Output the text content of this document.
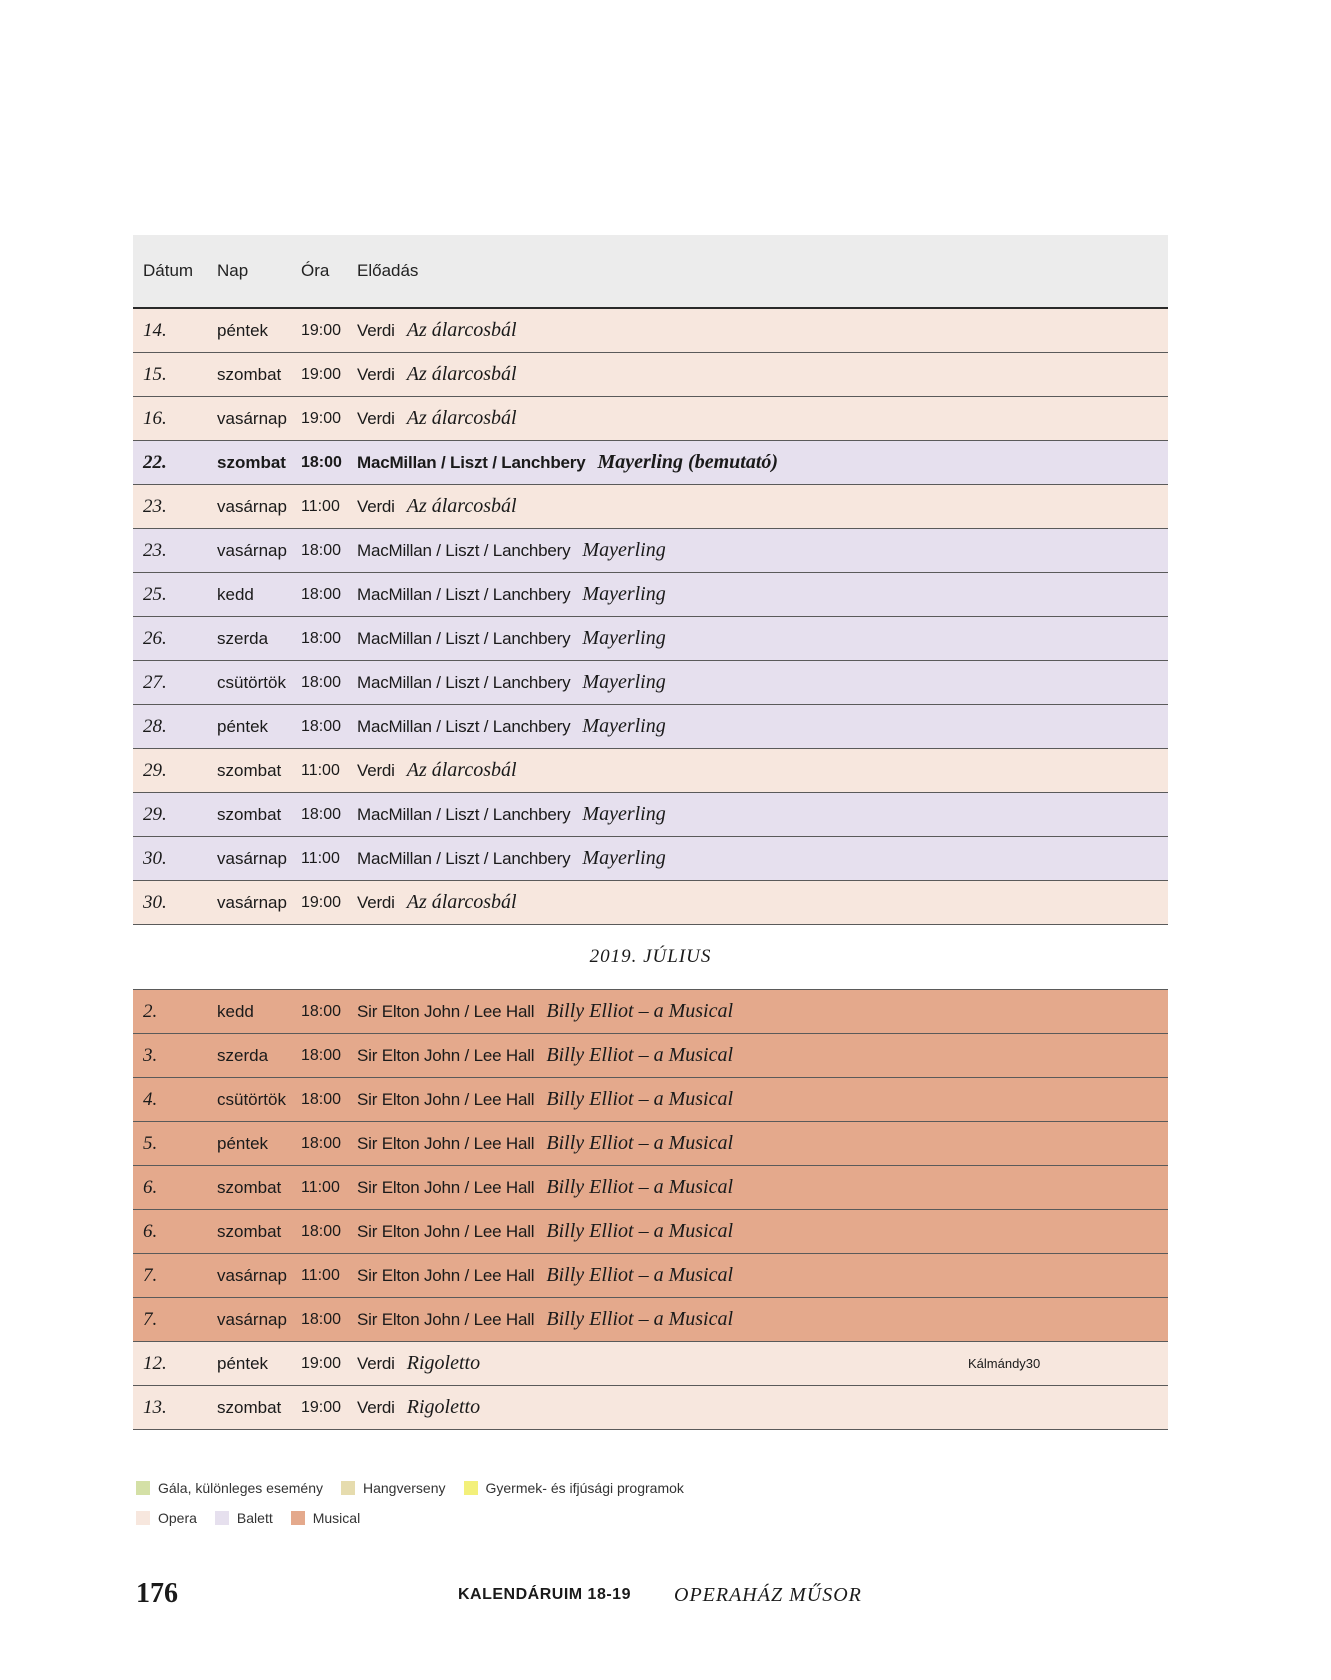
Dátum	Nap	Óra	Előadás
14.	péntek	19:00 Verdi Az álarcosbál
15.	szombat	19:00 Verdi Az álarcosbál
16.	vasárnap 19:00 Verdi Az álarcosbál
22.	szombat 18:00 MacMillan / Liszt / Lanchbery Mayerling (bemutató)
23.	vasárnap 11:00	Verdi Az álarcosbál
23.	vasárnap 18:00 MacMillan / Liszt / Lanchbery Mayerling
25.	kedd	18:00 MacMillan / Liszt / Lanchbery Mayerling
26.	szerda	18:00 MacMillan / Liszt / Lanchbery Mayerling
27.	csütörtök 18:00 MacMillan / Liszt / Lanchbery Mayerling
28.	péntek	18:00 MacMillan / Liszt / Lanchbery Mayerling
29.	szombat	11:00	Verdi Az álarcosbál
29.	szombat	18:00 MacMillan / Liszt / Lanchbery Mayerling
30.	vasárnap 11:00	MacMillan / Liszt / Lanchbery Mayerling
30.	vasárnap 19:00 Verdi Az álarcosbál
2019. JÚLIUS
2.	kedd	18:00 Sir Elton John / Lee Hall Billy Elliot – a Musical
3.	szerda	18:00 Sir Elton John / Lee Hall Billy Elliot – a Musical
4.	csütörtök 18:00 Sir Elton John / Lee Hall Billy Elliot – a Musical
5.	péntek	18:00 Sir Elton John / Lee Hall Billy Elliot – a Musical
6.	szombat	11:00	Sir Elton John / Lee Hall Billy Elliot – a Musical
6.	szombat	18:00 Sir Elton John / Lee Hall Billy Elliot – a Musical
7.	vasárnap 11:00	Sir Elton John / Lee Hall Billy Elliot – a Musical
7.	vasárnap 18:00 Sir Elton John / Lee Hall Billy Elliot – a Musical
12.	péntek	19:00 Verdi Rigoletto	Kálmándy30
13.	szombat	19:00 Verdi Rigoletto
Gála, különleges esemény	Hangverseny	Gyermek- és ifjúsági programok
Opera	Balett	Musical
176	KALENDÁRUIM 18-19 OPERAHÁZ MŰSOR
